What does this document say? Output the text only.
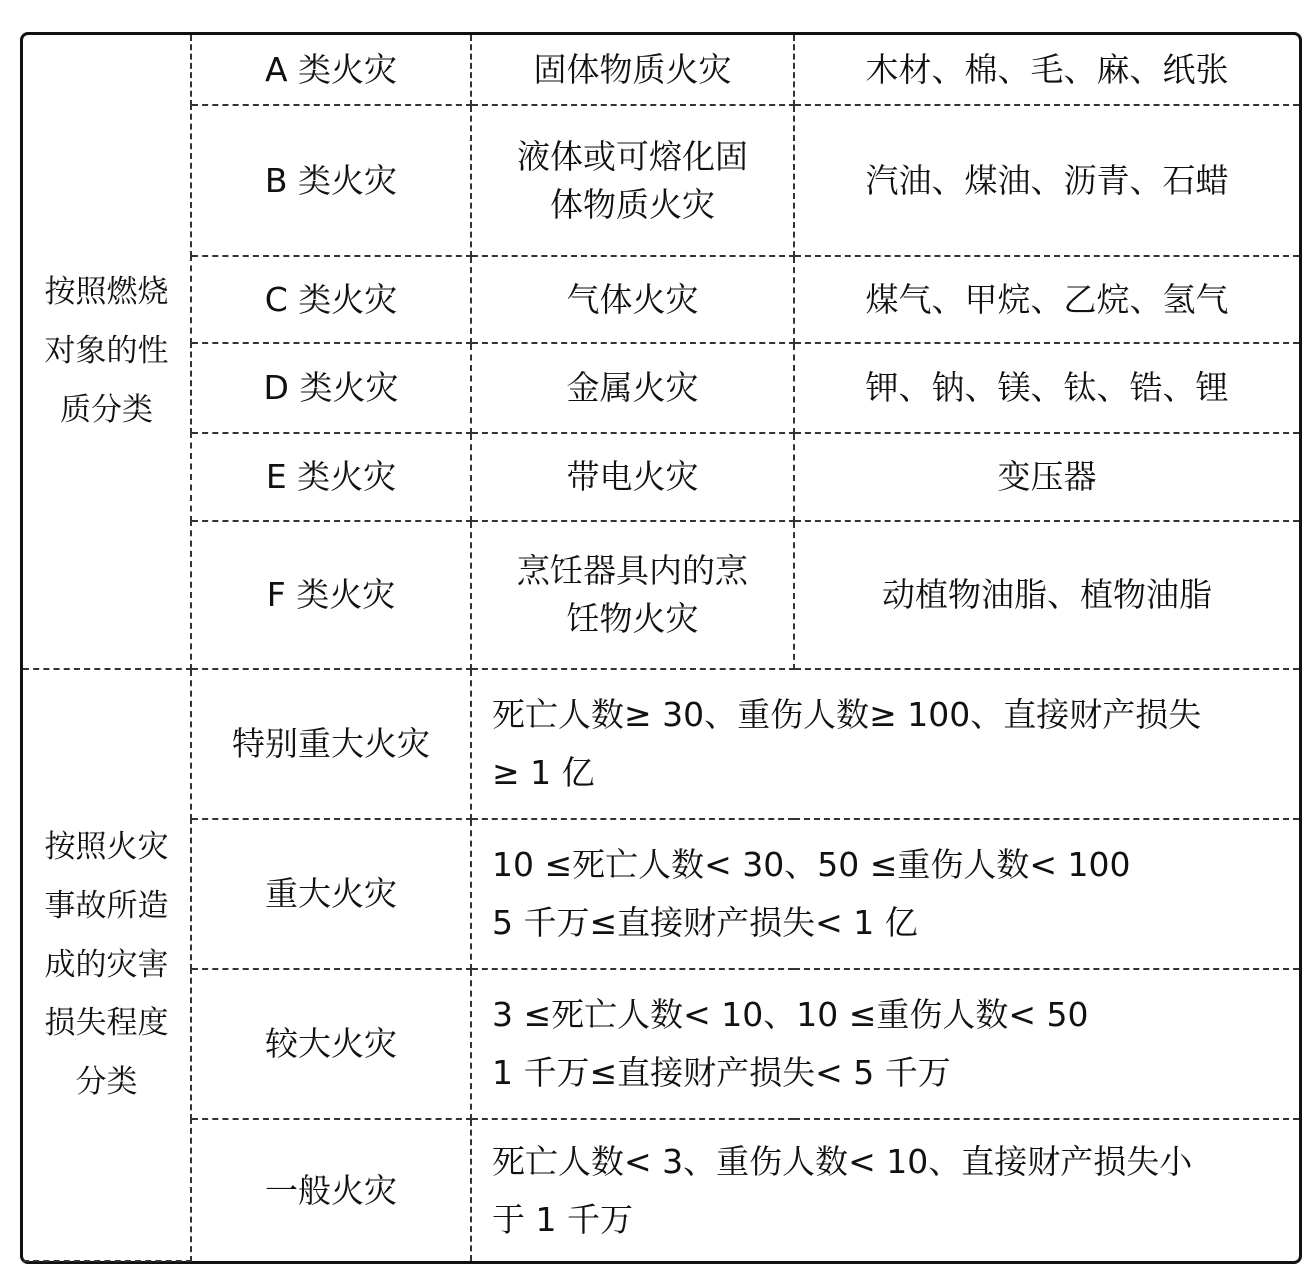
按照燃烧
对象的性
质分类	A 类火灾	固体物质火灾	木材、棉、毛、麻、纸张
	B 类火灾	液体或可熔化固
体物质火灾	汽油、煤油、沥青、石蜡
	C 类火灾	气体火灾	煤气、甲烷、乙烷、氢气
	D 类火灾	金属火灾	钾、钠、镁、钛、锆、锂
	E 类火灾	带电火灾	变压器
	F 类火灾	烹饪器具内的烹
饪物火灾	动植物油脂、植物油脂

按照火灾
事故所造
成的灾害
损失程度
分类	特别重大火灾	死亡人数≥ 30、重伤人数≥ 100、直接财产损失
≥ 1 亿	

	重大火灾	10 ≤死亡人数< 30、50 ≤重伤人数< 100
5 千万≤直接财产损失< 1 亿	

	较大火灾	3 ≤死亡人数< 10、10 ≤重伤人数< 50
1 千万≤直接财产损失< 5 千万	

	一般火灾	死亡人数< 3、重伤人数< 10、直接财产损失小
于 1 千万	
